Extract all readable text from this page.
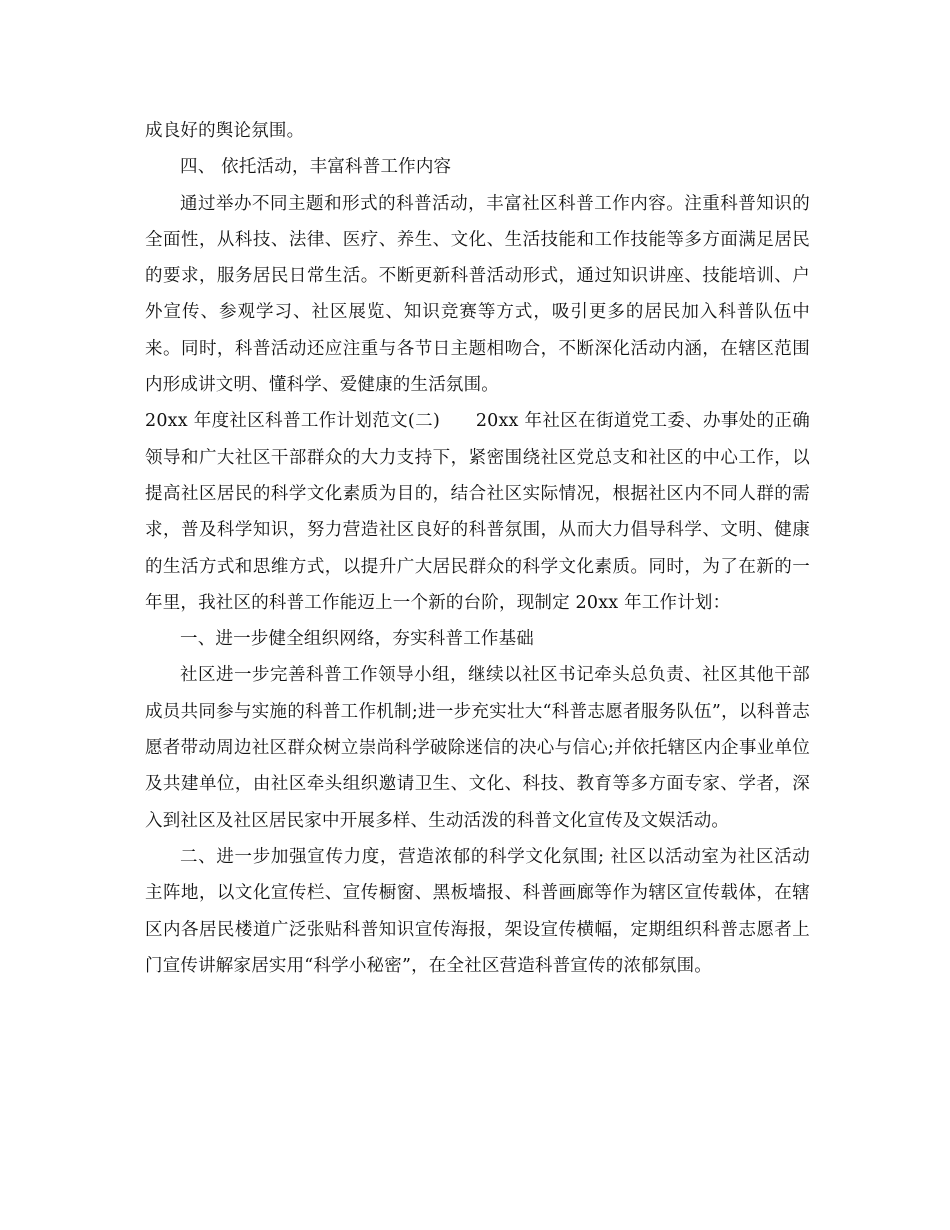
成良好的舆论氛围。

四、 依托活动，丰富科普工作内容

通过举办不同主题和形式的科普活动，丰富社区科普工作内容。注重科普知识的全面性，从科技、法律、医疗、养生、文化、生活技能和工作技能等多方面满足居民的要求，服务居民日常生活。不断更新科普活动形式，通过知识讲座、技能培训、户外宣传、参观学习、社区展览、知识竞赛等方式，吸引更多的居民加入科普队伍中来。同时，科普活动还应注重与各节日主题相吻合，不断深化活动内涵，在辖区范围内形成讲文明、懂科学、爱健康的生活氛围。

20xx 年度社区科普工作计划范文(二)　　20xx 年社区在街道党工委、办事处的正确领导和广大社区干部群众的大力支持下，紧密围绕社区党总支和社区的中心工作，以提高社区居民的科学文化素质为目的，结合社区实际情况，根据社区内不同人群的需求，普及科学知识，努力营造社区良好的科普氛围，从而大力倡导科学、文明、健康的生活方式和思维方式，以提升广大居民群众的科学文化素质。同时，为了在新的一年里，我社区的科普工作能迈上一个新的台阶，现制定 20xx 年工作计划：

一、进一步健全组织网络，夯实科普工作基础

社区进一步完善科普工作领导小组，继续以社区书记牵头总负责、社区其他干部成员共同参与实施的科普工作机制;进一步充实壮大“科普志愿者服务队伍”，以科普志愿者带动周边社区群众树立崇尚科学破除迷信的决心与信心;并依托辖区内企事业单位及共建单位，由社区牵头组织邀请卫生、文化、科技、教育等多方面专家、学者，深入到社区及社区居民家中开展多样、生动活泼的科普文化宣传及文娱活动。

二、进一步加强宣传力度，营造浓郁的科学文化氛围; 社区以活动室为社区活动主阵地，以文化宣传栏、宣传橱窗、黑板墙报、科普画廊等作为辖区宣传载体，在辖区内各居民楼道广泛张贴科普知识宣传海报，架设宣传横幅，定期组织科普志愿者上门宣传讲解家居实用“科学小秘密”，在全社区营造科普宣传的浓郁氛围。
